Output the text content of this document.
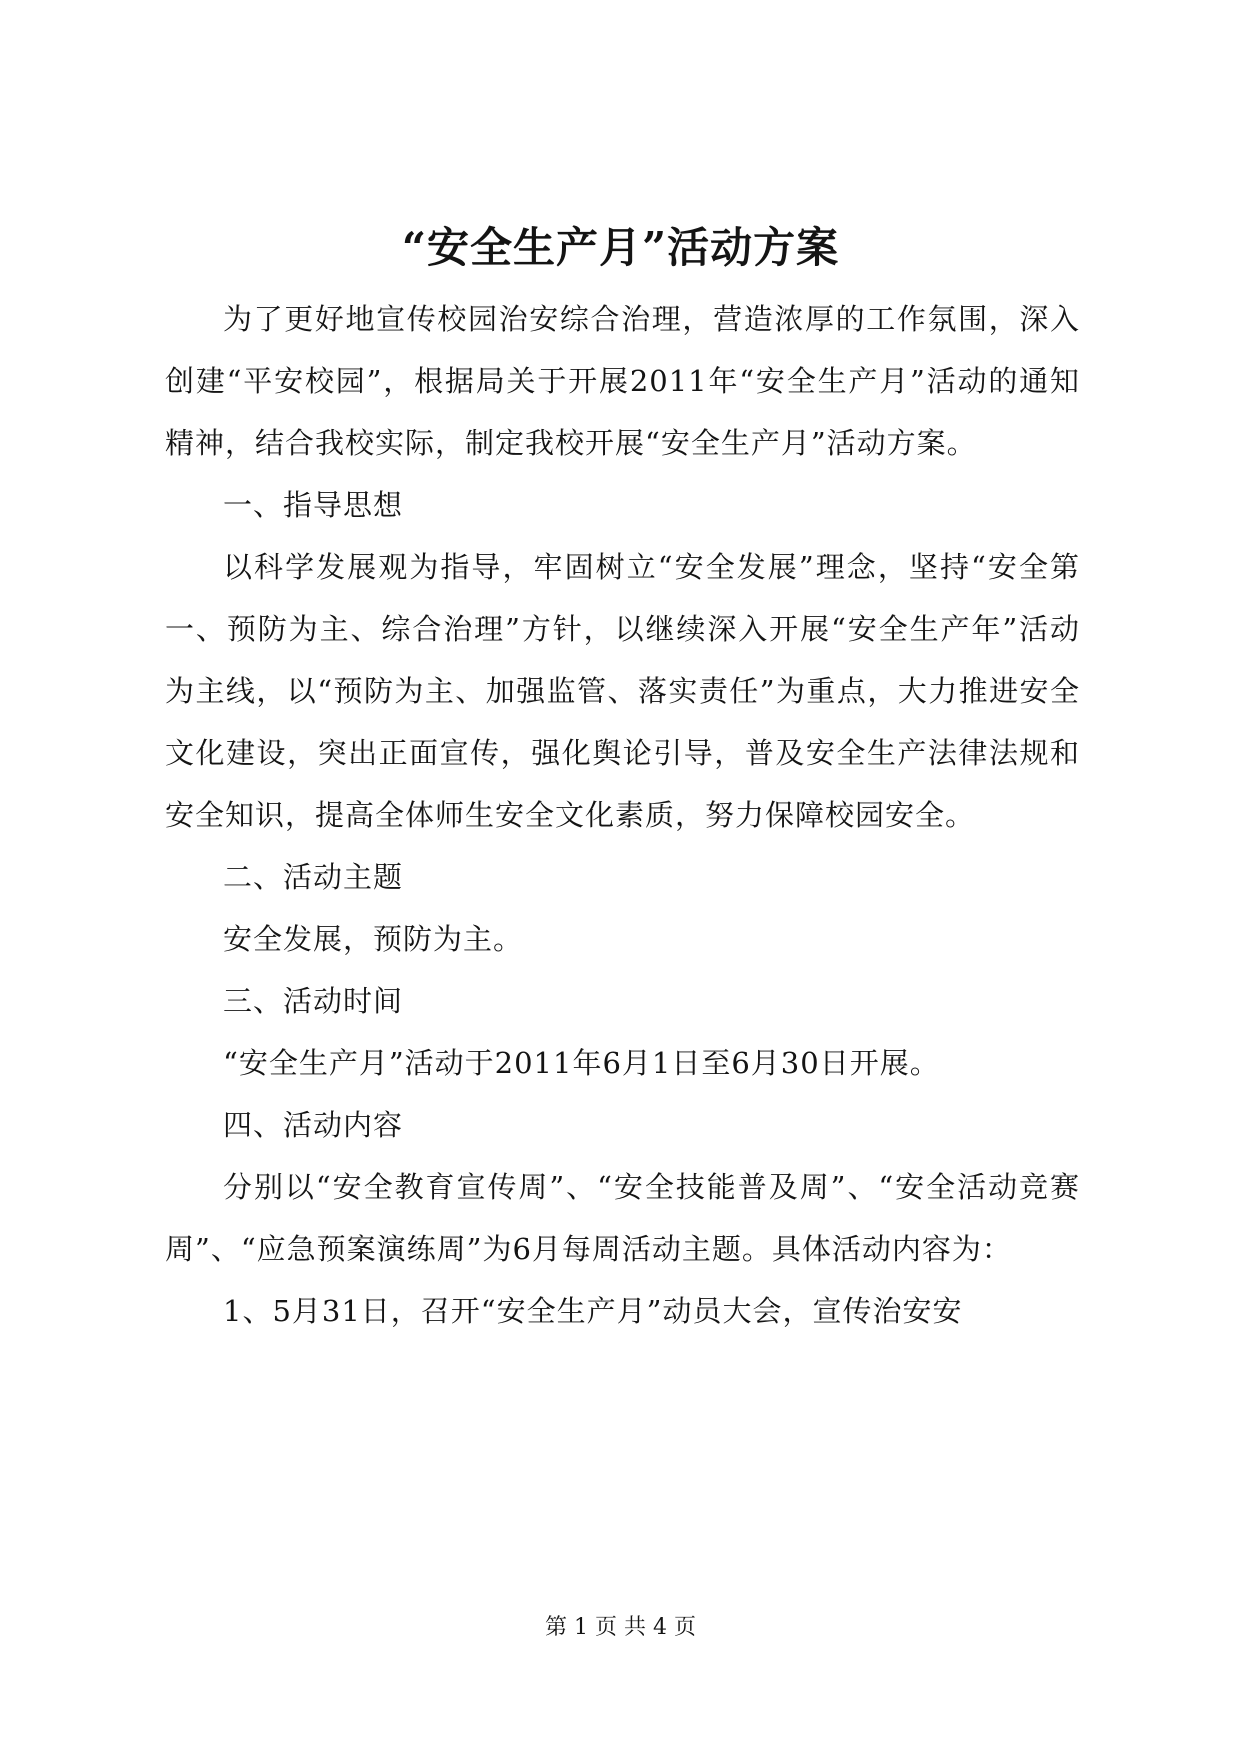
“安全生产月”活动方案

为了更好地宣传校园治安综合治理，营造浓厚的工作氛围，深入创建“平安校园”，根据局关于开展2011年“安全生产月”活动的通知精神，结合我校实际，制定我校开展“安全生产月”活动方案。

一、指导思想

以科学发展观为指导，牢固树立“安全发展”理念，坚持“安全第一、预防为主、综合治理”方针，以继续深入开展“安全生产年”活动为主线，以“预防为主、加强监管、落实责任”为重点，大力推进安全文化建设，突出正面宣传，强化舆论引导，普及安全生产法律法规和安全知识，提高全体师生安全文化素质，努力保障校园安全。

二、活动主题

安全发展，预防为主。

三、活动时间

“安全生产月”活动于2011年6月1日至6月30日开展。

四、活动内容

分别以“安全教育宣传周”、“安全技能普及周”、“安全活动竞赛周”、“应急预案演练周”为6月每周活动主题。具体活动内容为：

1、5月31日，召开“安全生产月”动员大会，宣传治安安

第 1 页 共 4 页
